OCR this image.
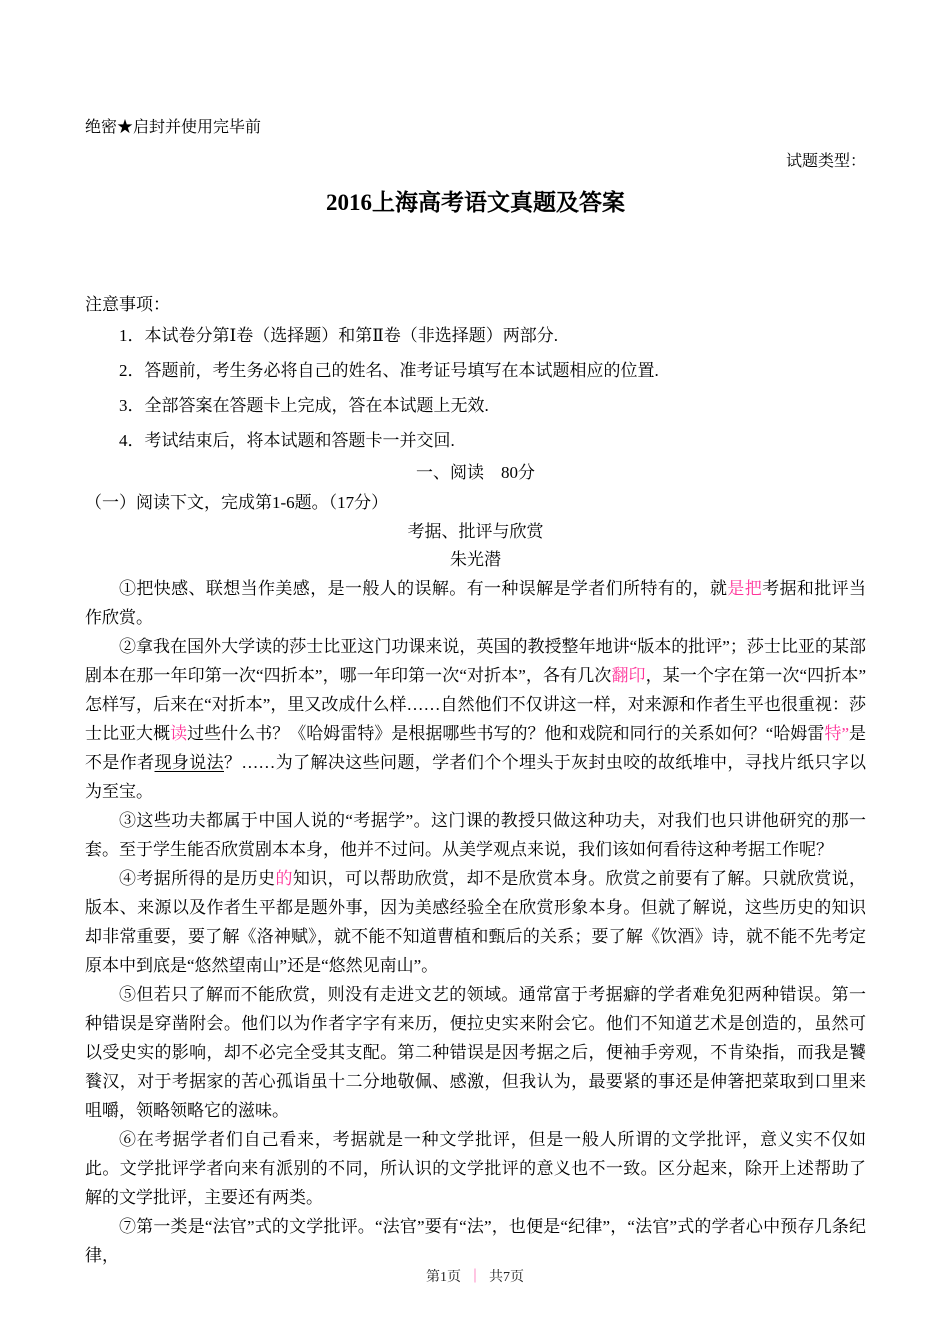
绝密★启封并使用完毕前
试题类型：
2016上海高考语文真题及答案
注意事项：
1．本试卷分第Ⅰ卷（选择题）和第Ⅱ卷（非选择题）两部分.
2．答题前，考生务必将自己的姓名、准考证号填写在本试题相应的位置.
3．全部答案在答题卡上完成，答在本试题上无效.
4．考试结束后，将本试题和答题卡一并交回.
一、阅读　80分
（一）阅读下文，完成第1-6题。（17分）
考据、批评与欣赏
朱光潜

①把快感、联想当作美感，是一般人的误解。有一种误解是学者们所特有的，就是把考据和批评当作欣赏。

②拿我在国外大学读的莎士比亚这门功课来说，英国的教授整年地讲“版本的批评”；莎士比亚的某部剧本在那一年印第一次“四折本”，哪一年印第一次“对折本”，各有几次翻印，某一个字在第一次“四折本”怎样写，后来在“对折本”，里又改成什么样……自然他们不仅讲这一样，对来源和作者生平也很重视：莎士比亚大概读过些什么书？《哈姆雷特》是根据哪些书写的？他和戏院和同行的关系如何？“哈姆雷特”是不是作者现身说法？……为了解决这些问题，学者们个个埋头于灰封虫咬的故纸堆中，寻找片纸只字以为至宝。

③这些功夫都属于中国人说的“考据学”。这门课的教授只做这种功夫，对我们也只讲他研究的那一套。至于学生能否欣赏剧本本身，他并不过问。从美学观点来说，我们该如何看待这种考据工作呢？

④考据所得的是历史的知识，可以帮助欣赏，却不是欣赏本身。欣赏之前要有了解。只就欣赏说，版本、来源以及作者生平都是题外事，因为美感经验全在欣赏形象本身。但就了解说，这些历史的知识却非常重要，要了解《洛神赋》，就不能不知道曹植和甄后的关系；要了解《饮酒》诗，就不能不先考定原本中到底是“悠然望南山”还是“悠然见南山”。

⑤但若只了解而不能欣赏，则没有走进文艺的领域。通常富于考据癖的学者难免犯两种错误。第一种错误是穿凿附会。他们以为作者字字有来历，便拉史实来附会它。他们不知道艺术是创造的，虽然可以受史实的影响，却不必完全受其支配。第二种错误是因考据之后，便袖手旁观，不肯染指，而我是饕餮汉，对于考据家的苦心孤诣虽十二分地敬佩、感激，但我认为，最要紧的事还是伸箸把菜取到口里来咀嚼，领略领略它的滋味。

⑥在考据学者们自己看来，考据就是一种文学批评，但是一般人所谓的文学批评，意义实不仅如此。文学批评学者向来有派别的不同，所认识的文学批评的意义也不一致。区分起来，除开上述帮助了解的文学批评，主要还有两类。

⑦第一类是“法官”式的文学批评。“法官”要有“法”，也便是“纪律”，“法官”式的学者心中预存几条纪律，

第1页 ｜ 共7页
